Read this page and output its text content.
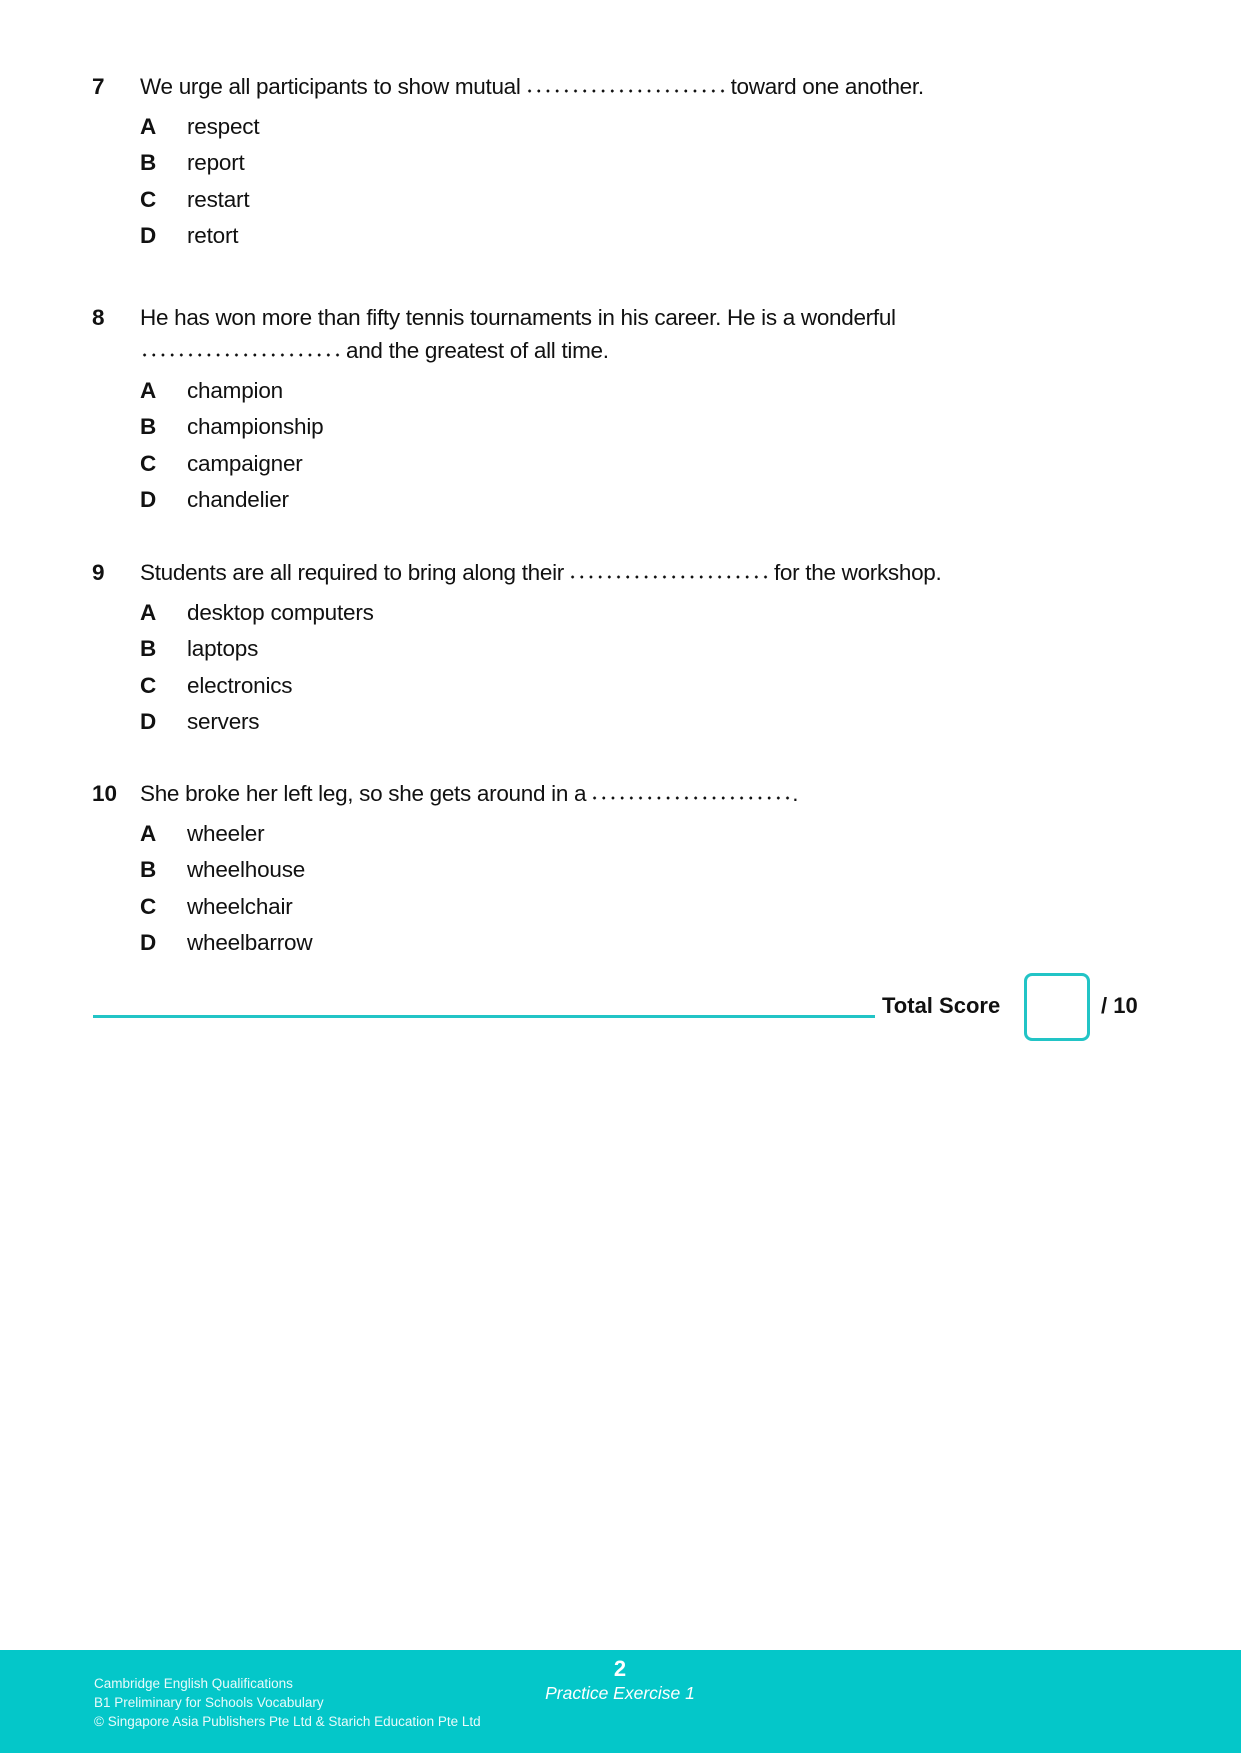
7	We urge all participants to show mutual	toward one another.
A	respect
B	report
C	restart
D	retort
8	He has won more than fifty tennis tournaments in his career. He is a wonderful
and the greatest of all time.
A	champion
B	championship
C	campaigner
D	chandelier
9	Students are all required to bring along their	for the workshop.
A	desktop computers
B	laptops
C	electronics
D	servers
10	She broke her left leg, so she gets around in a	.
A	wheeler
B	wheelhouse
C	wheelchair
D	wheelbarrow
Total Score	/ 10
Cambridge English Qualifications
B1 Preliminary for Schools Vocabulary
© Singapore Asia Publishers Pte Ltd & Starich Education Pte Ltd
2
Practice Exercise 1
